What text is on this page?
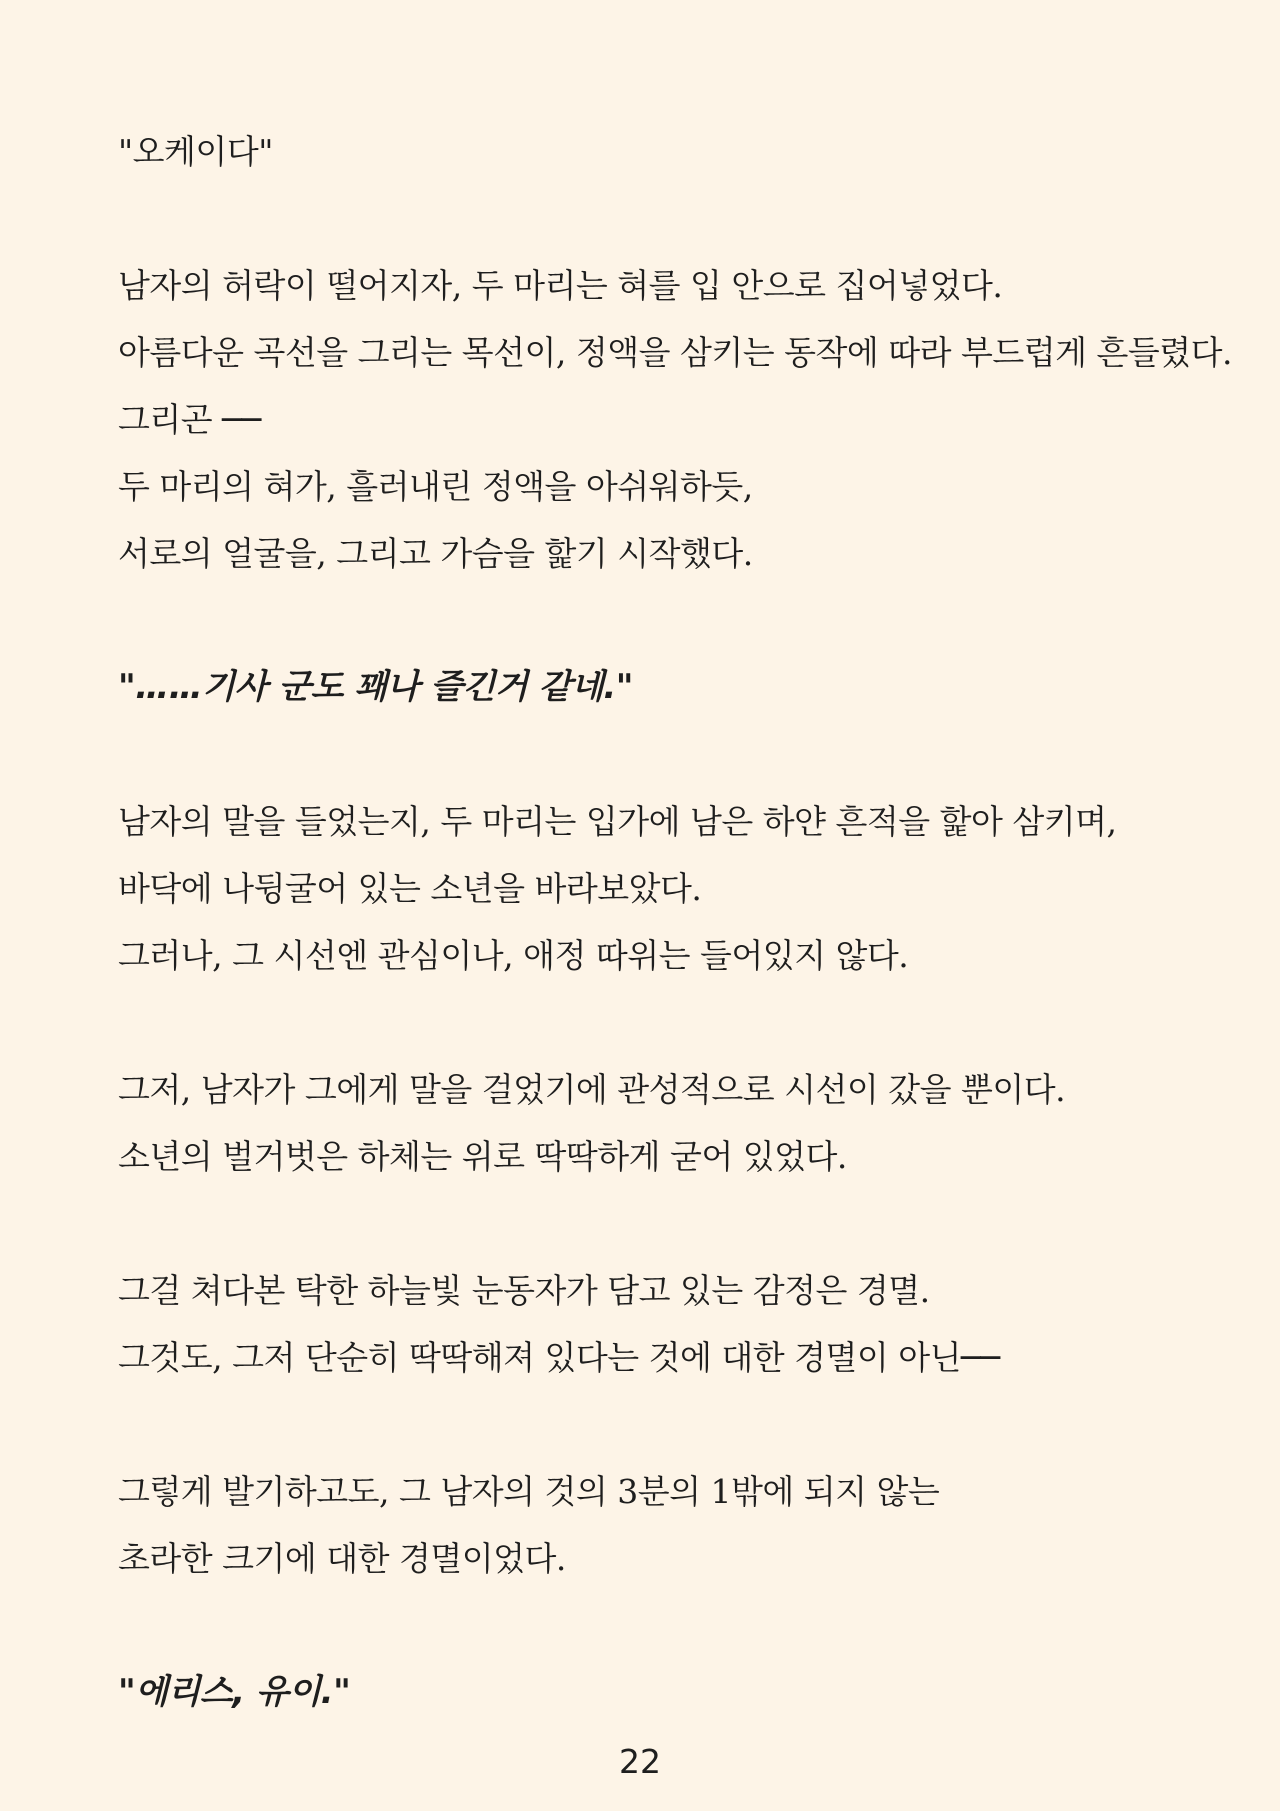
"오케이다"
남자의 허락이 떨어지자, 두 마리는 혀를 입 안으로 집어넣었다.
아름다운 곡선을 그리는 목선이, 정액을 삼키는 동작에 따라 부드럽게 흔들렸다.
그리곤 ──
두 마리의 혀가, 흘러내린 정액을 아쉬워하듯,
서로의 얼굴을, 그리고 가슴을 핥기 시작했다.
"……기사 군도 꽤나 즐긴거 같네."
남자의 말을 들었는지, 두 마리는 입가에 남은 하얀 흔적을 핥아 삼키며,
바닥에 나뒹굴어 있는 소년을 바라보았다.
그러나, 그 시선엔 관심이나, 애정 따위는 들어있지 않다.
그저, 남자가 그에게 말을 걸었기에 관성적으로 시선이 갔을 뿐이다.
소년의 벌거벗은 하체는 위로 딱딱하게 굳어 있었다.
그걸 쳐다본 탁한 하늘빛 눈동자가 담고 있는 감정은 경멸.
그것도, 그저 단순히 딱딱해져 있다는 것에 대한 경멸이 아닌──
그렇게 발기하고도, 그 남자의 것의 3분의 1밖에 되지 않는
초라한 크기에 대한 경멸이었다.
"에리스, 유이."
22
